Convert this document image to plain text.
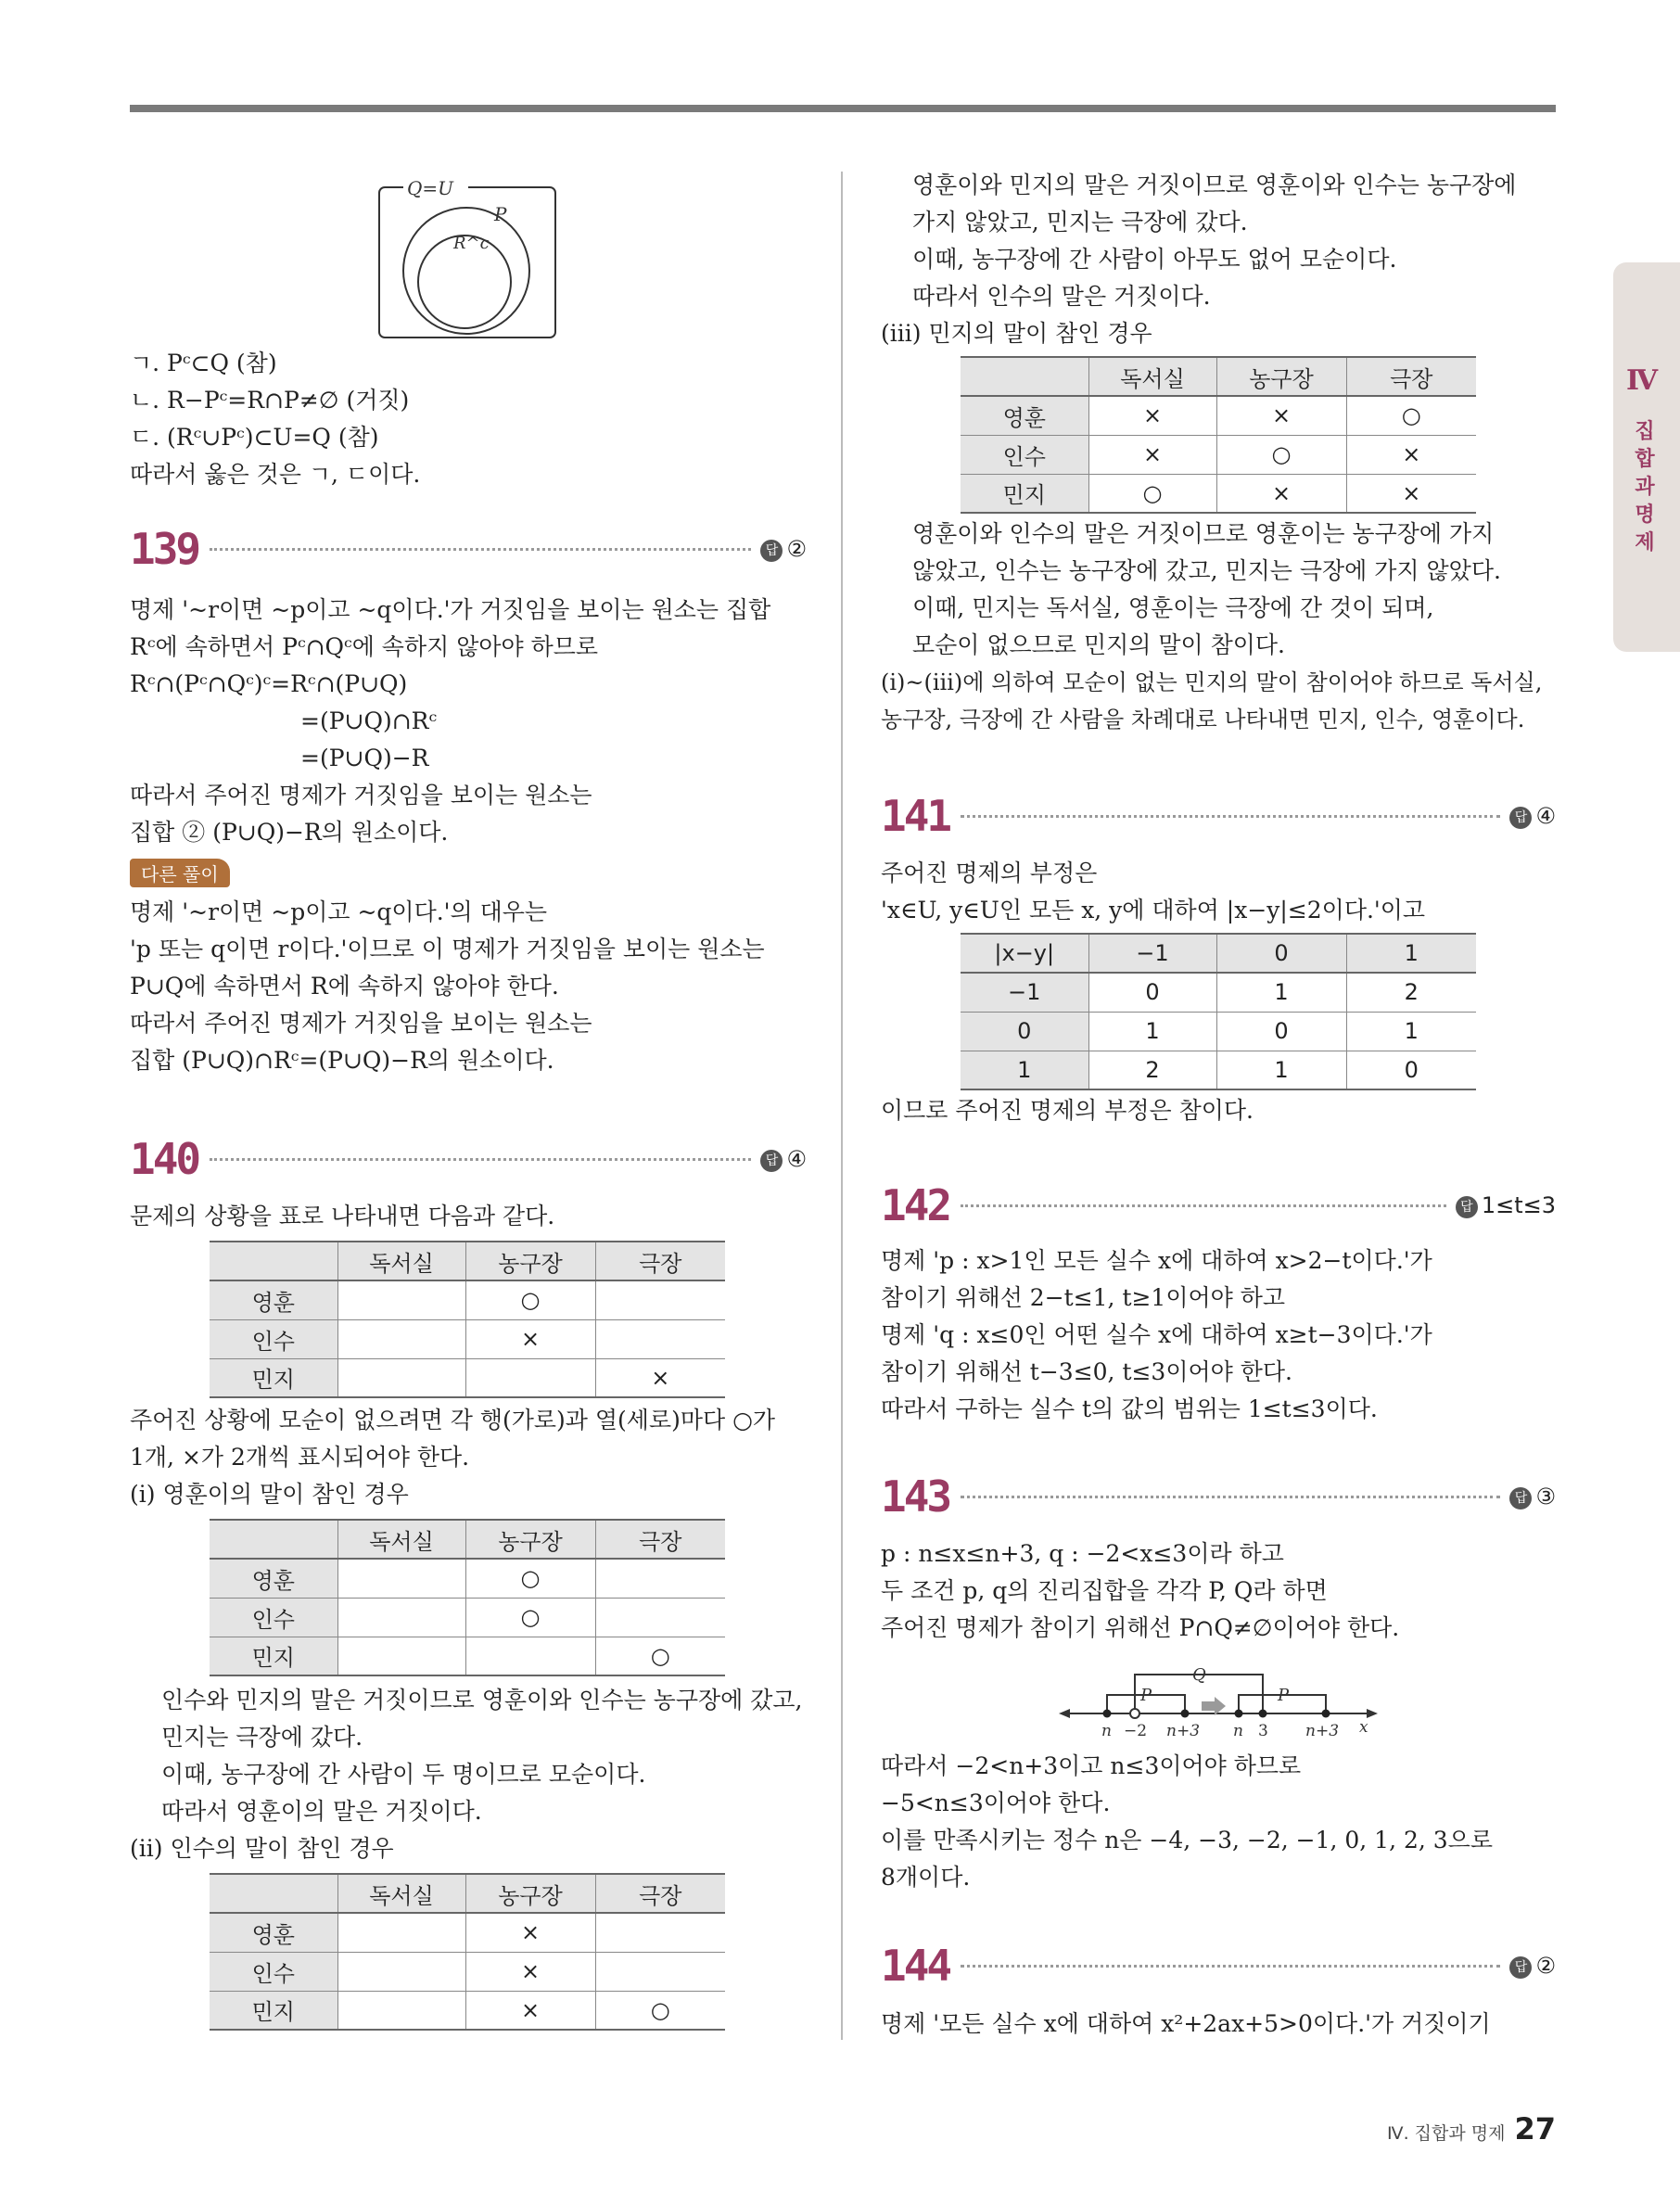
Q=U
P
R^c
ㄱ. Pᶜ⊂Q (참)
ㄴ. R−Pᶜ=R∩P≠∅ (거짓)
ㄷ. (Rᶜ∪Pᶜ)⊂U=Q (참)
따라서 옳은 것은 ㄱ, ㄷ이다.
139	답 ②
명제 '~r이면 ~p이고 ~q이다.'가 거짓임을 보이는 원소는 집합
Rᶜ에 속하면서 Pᶜ∩Qᶜ에 속하지 않아야 하므로
Rᶜ∩(Pᶜ∩Qᶜ)ᶜ=Rᶜ∩(P∪Q)
=(P∪Q)∩Rᶜ
=(P∪Q)−R
따라서 주어진 명제가 거짓임을 보이는 원소는
집합 ② (P∪Q)−R의 원소이다.
다른 풀이
명제 '~r이면 ~p이고 ~q이다.'의 대우는
'p 또는 q이면 r이다.'이므로 이 명제가 거짓임을 보이는 원소는
P∪Q에 속하면서 R에 속하지 않아야 한다.
따라서 주어진 명제가 거짓임을 보이는 원소는
집합 (P∪Q)∩Rᶜ=(P∪Q)−R의 원소이다.
140	답 ④
문제의 상황을 표로 나타내면 다음과 같다.
	독서실	농구장	극장
영훈		○	
인수		×	
민지			×
주어진 상황에 모순이 없으려면 각 행(가로)과 열(세로)마다 ○가
1개, ×가 2개씩 표시되어야 한다.
(ⅰ) 영훈이의 말이 참인 경우
	독서실	농구장	극장
영훈		○	
인수		○	
민지			○
인수와 민지의 말은 거짓이므로 영훈이와 인수는 농구장에 갔고,
민지는 극장에 갔다.
이때, 농구장에 간 사람이 두 명이므로 모순이다.
따라서 영훈이의 말은 거짓이다.
(ⅱ) 인수의 말이 참인 경우
	독서실	농구장	극장
영훈		×	
인수		×	
민지		×	○
영훈이와 민지의 말은 거짓이므로 영훈이와 인수는 농구장에
가지 않았고, 민지는 극장에 갔다.
이때, 농구장에 간 사람이 아무도 없어 모순이다.
따라서 인수의 말은 거짓이다.
(ⅲ) 민지의 말이 참인 경우
	독서실	농구장	극장
영훈	×	×	○
인수	×	○	×
민지	○	×	×
영훈이와 인수의 말은 거짓이므로 영훈이는 농구장에 가지
않았고, 인수는 농구장에 갔고, 민지는 극장에 가지 않았다.
이때, 민지는 독서실, 영훈이는 극장에 간 것이 되며,
모순이 없으므로 민지의 말이 참이다.
(ⅰ)~(ⅲ)에 의하여 모순이 없는 민지의 말이 참이어야 하므로 독서실,
농구장, 극장에 간 사람을 차례대로 나타내면 민지, 인수, 영훈이다.
141	답 ④
주어진 명제의 부정은
'x∈U, y∈U인 모든 x, y에 대하여 |x−y|≤2이다.'이고
|x−y|	−1	0	1
−1	0	1	2
0	1	0	1
1	2	1	0
이므로 주어진 명제의 부정은 참이다.
142	답 1≤t≤3
명제 'p : x>1인 모든 실수 x에 대하여 x>2−t이다.'가
참이기 위해선 2−t≤1, t≥1이어야 하고
명제 'q : x≤0인 어떤 실수 x에 대하여 x≥t−3이다.'가
참이기 위해선 t−3≤0, t≤3이어야 한다.
따라서 구하는 실수 t의 값의 범위는 1≤t≤3이다.
143	답 ③
p : n≤x≤n+3, q : −2<x≤3이라 하고
두 조건 p, q의 진리집합을 각각 P, Q라 하면
주어진 명제가 참이기 위해선 P∩Q≠∅이어야 한다.
Q
P	P
n −2 n+3 n 3 n+3 x
따라서 −2<n+3이고 n≤3이어야 하므로
−5<n≤3이어야 한다.
이를 만족시키는 정수 n은 −4, −3, −2, −1, 0, 1, 2, 3으로
8개이다.
144	답 ②
명제 '모든 실수 x에 대하여 x²+2ax+5>0이다.'가 거짓이기
Ⅳ
집합과 명제
Ⅳ. 집합과 명제 27
